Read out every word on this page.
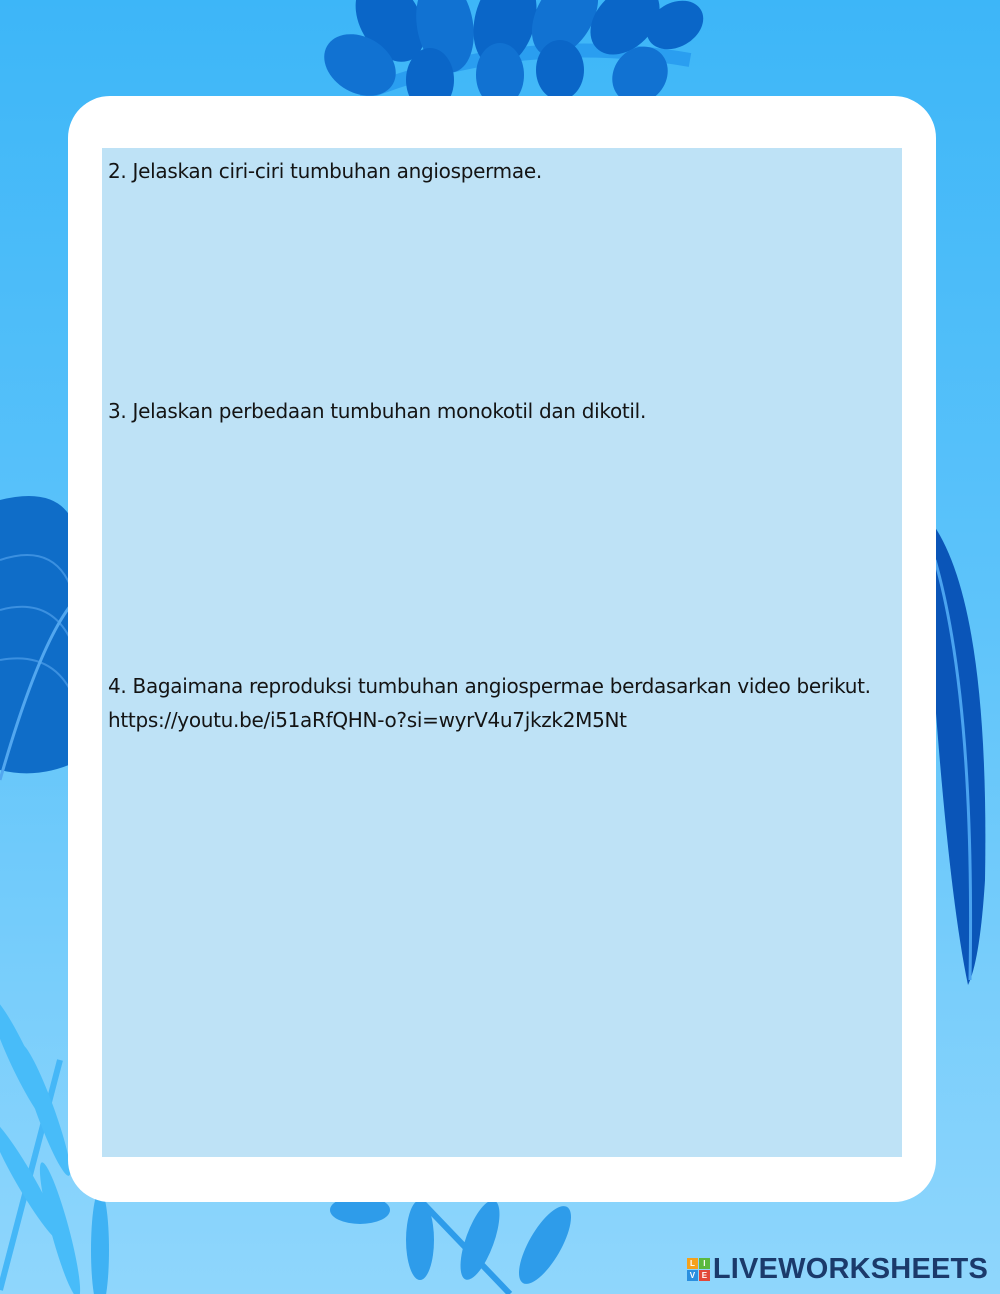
2. Jelaskan ciri-ciri tumbuhan angiospermae.

3. Jelaskan perbedaan tumbuhan monokotil dan dikotil.

4. Bagaimana reproduksi tumbuhan angiospermae berdasarkan video berikut.

https://youtu.be/i51aRfQHN-o?si=wyrV4u7jkzk2M5Nt

L	I
V E LIVEWORKSHEETS
